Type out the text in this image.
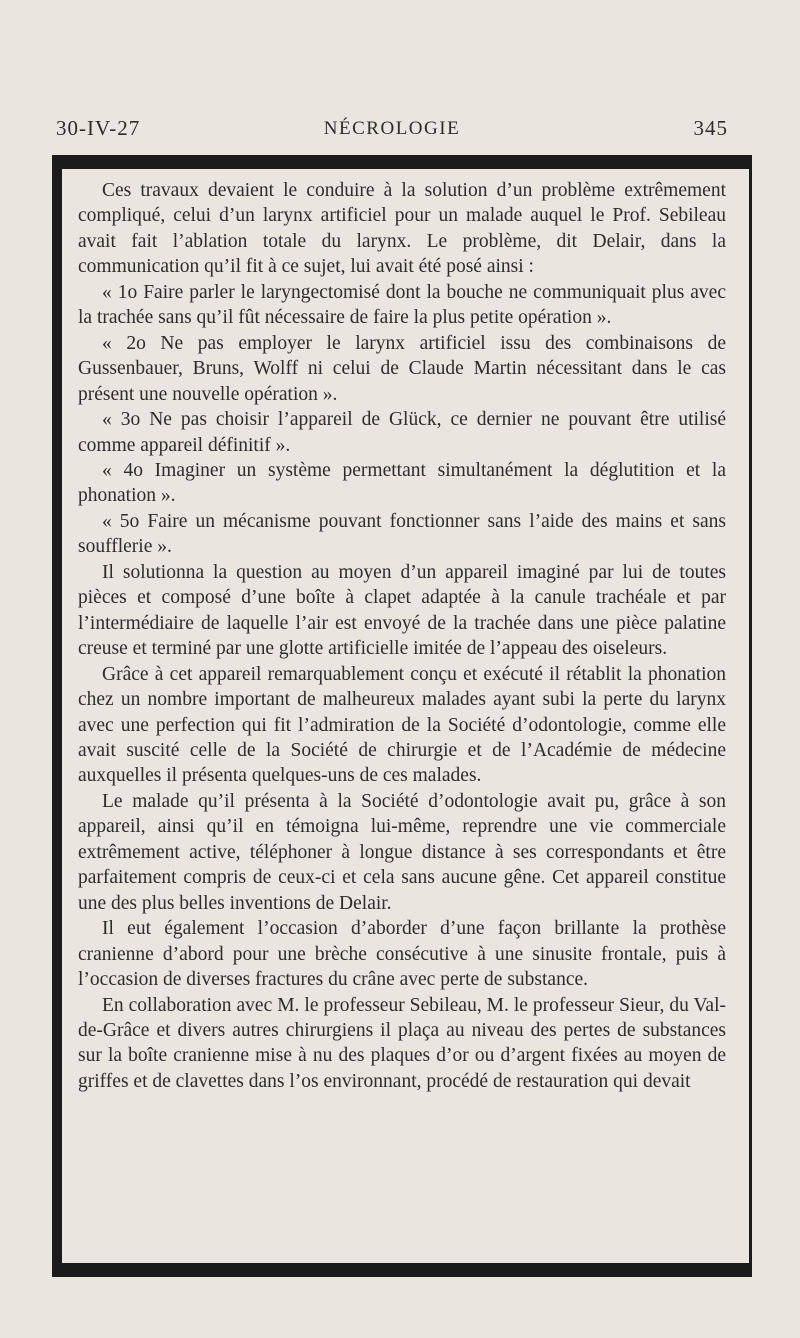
30-IV-27	NÉCROLOGIE	345

Ces travaux devaient le conduire à la solution d’un problème extrêmement compliqué, celui d’un larynx artificiel pour un malade auquel le Prof. Sebileau avait fait l’ablation totale du larynx. Le problème, dit Delair, dans la communication qu’il fit à ce sujet, lui avait été posé ainsi :

« 1o Faire parler le laryngectomisé dont la bouche ne communiquait plus avec la trachée sans qu’il fût nécessaire de faire la plus petite opération ».

« 2o Ne pas employer le larynx artificiel issu des combinaisons de Gussenbauer, Bruns, Wolff ni celui de Claude Martin nécessitant dans le cas présent une nouvelle opération ».

« 3o Ne pas choisir l’appareil de Glück, ce dernier ne pouvant être utilisé comme appareil définitif ».

« 4o Imaginer un système permettant simultanément la déglutition et la phonation ».

« 5o Faire un mécanisme pouvant fonctionner sans l’aide des mains et sans soufflerie ».

Il solutionna la question au moyen d’un appareil imaginé par lui de toutes pièces et composé d’une boîte à clapet adaptée à la canule trachéale et par l’intermédiaire de laquelle l’air est envoyé de la trachée dans une pièce palatine creuse et terminé par une glotte artificielle imitée de l’appeau des oiseleurs.

Grâce à cet appareil remarquablement conçu et exécuté il rétablit la phonation chez un nombre important de malheureux malades ayant subi la perte du larynx avec une perfection qui fit l’admiration de la Société d’odontologie, comme elle avait suscité celle de la Société de chirurgie et de l’Académie de médecine auxquelles il présenta quelques-uns de ces malades.

Le malade qu’il présenta à la Société d’odontologie avait pu, grâce à son appareil, ainsi qu’il en témoigna lui-même, reprendre une vie commerciale extrêmement active, téléphoner à longue distance à ses correspondants et être parfaitement compris de ceux-ci et cela sans aucune gêne. Cet appareil constitue une des plus belles inventions de Delair.

Il eut également l’occasion d’aborder d’une façon brillante la prothèse cranienne d’abord pour une brèche consécutive à une sinusite frontale, puis à l’occasion de diverses fractures du crâne avec perte de substance.

En collaboration avec M. le professeur Sebileau, M. le professeur Sieur, du Val-de-Grâce et divers autres chirurgiens il plaça au niveau des pertes de substances sur la boîte cranienne mise à nu des plaques d’or ou d’argent fixées au moyen de griffes et de clavettes dans l’os environnant, procédé de restauration qui devait
